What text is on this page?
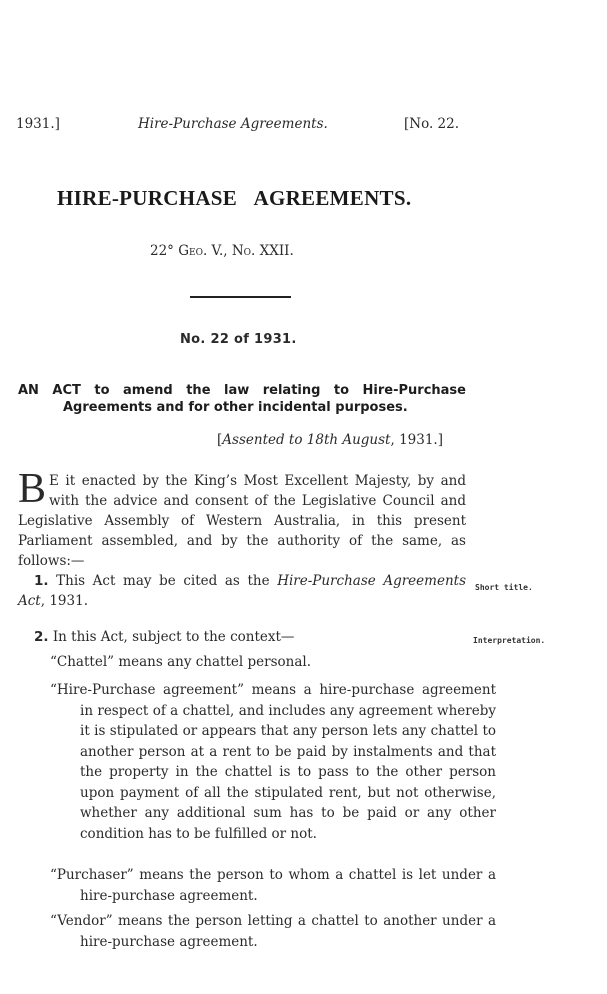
1931.]	Hire-Purchase Agreements.	[No. 22.
HIRE-PURCHASE AGREEMENTS.
22° Geo. V., No. XXII.
No. 22 of 1931.
AN ACT to amend the law relating to Hire-Purchase
Agreements and for other incidental purposes.
[Assented to 18th August, 1931.]
B E it enacted by the King’s Most Excellent Majesty, by and with the advice and consent of the Legislative Council and Legislative Assembly of Western Australia, in this present Parliament assembled, and by the authority of the same, as follows:—
1. This Act may be cited as the Hire-Purchase Agreements Act, 1931.
Short title.
2. In this Act, subject to the context—	Interpretation.
“Chattel” means any chattel personal.
“Hire-Purchase agreement” means a hire-purchase agreement in respect of a chattel, and includes any agreement whereby it is stipulated or appears that any person lets any chattel to another person at a rent to be paid by instalments and that the property in the chattel is to pass to the other person upon payment of all the stipulated rent, but not otherwise, whether any additional sum has to be paid or any other condition has to be fulfilled or not.
“Purchaser” means the person to whom a chattel is let under a hire-purchase agreement.
“Vendor” means the person letting a chattel to another under a hire-purchase agreement.
